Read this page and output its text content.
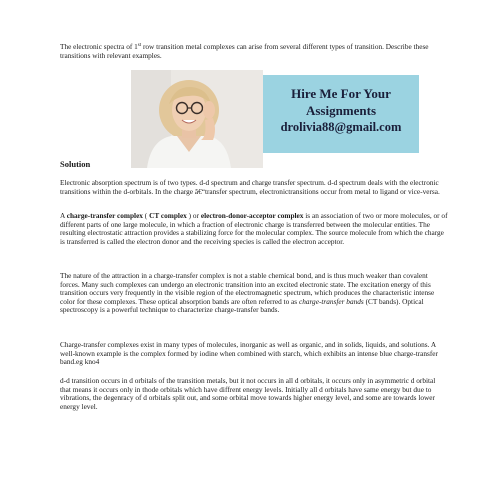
The electronic spectra of 1st row transition metal complexes can arise from several different types of transition. Describe these transitions with relevant examples.
Hire Me For Your
Assignments
drolivia88@gmail.com
Solution
Electronic absorption spectrum is of two types. d-d spectrum and charge transfer spectrum. d-d spectrum deals with the electronic transitions within the d-orbitals. In the charge â€“transfer spectrum, electronictransitions occur from metal to ligand or vice-versa.
A charge-transfer complex ( CT complex ) or electron-donor-acceptor complex is an association of two or more molecules, or of different parts of one large molecule, in which a fraction of electronic charge is transferred between the molecular entities. The resulting electrostatic attraction provides a stabilizing force for the molecular complex. The source molecule from which the charge is transferred is called the electron donor and the receiving species is called the electron acceptor.
The nature of the attraction in a charge-transfer complex is not a stable chemical bond, and is thus much weaker than covalent forces. Many such complexes can undergo an electronic transition into an excited electronic state. The excitation energy of this transition occurs very frequently in the visible region of the electromagnetic spectrum, which produces the characteristic intense color for these complexes. These optical absorption bands are often referred to as charge-transfer bands (CT bands). Optical spectroscopy is a powerful technique to characterize charge-transfer bands.
Charge-transfer complexes exist in many types of molecules, inorganic as well as organic, and in solids, liquids, and solutions. A well-known example is the complex formed by iodine when combined with starch, which exhibits an intense blue charge-transfer band.eg kno4
d-d transition occurs in d orbitals of the transition metals, but it not occurs in all d orbitals, it occurs only in asymmetric d orbital that means it occurs only in thode orbitals which have diffrent energy levels. Initially all d orbitals have same energy but due to vibrations, the degenracy of d orbitals split out, and some orbital move towards higher energy level, and some are towards lower energy level.
